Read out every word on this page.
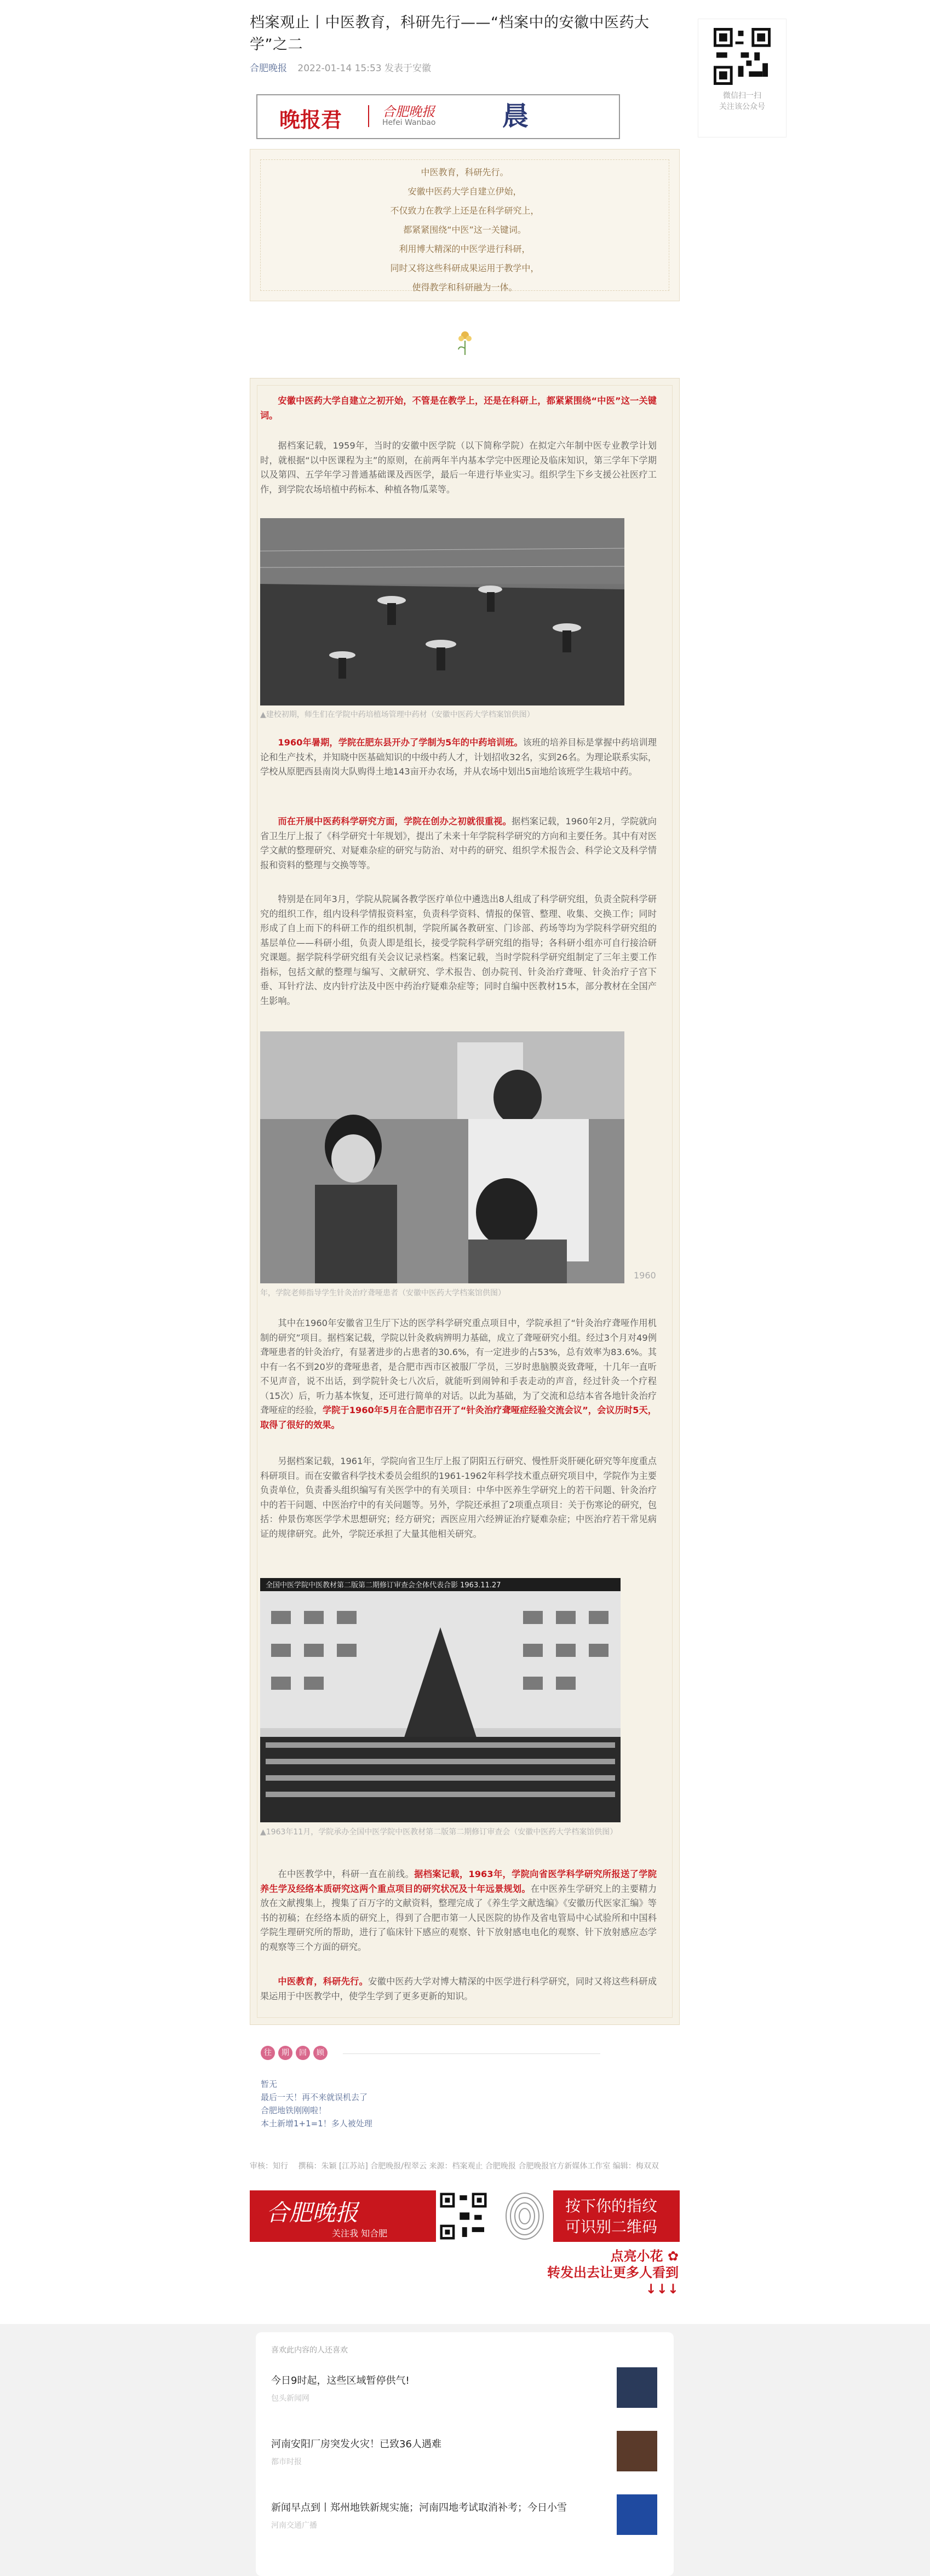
档案观止丨中医教育，科研先行——“档案中的安徽中医药大学”之二
合肥晚报 2022-01-14 15:53 发表于安徽
微信扫一扫
关注该公众号
晚报君	合肥晚报
Hefei Wanbao	晨

中医教育，科研先行。

安徽中医药大学自建立伊始，

不仅致力在教学上还是在科学研究上，

都紧紧围绕“中医”这一关键词。

利用博大精深的中医学进行科研，

同时又将这些科研成果运用于教学中，

使得教学和科研融为一体。

安徽中医药大学自建立之初开始，不管是在教学上，还是在科研上，都紧紧围绕“中医”这一关键词。
据档案记载，1959年，当时的安徽中医学院（以下简称学院）在拟定六年制中医专业教学计划时，就根据“以中医课程为主”的原则，在前两年半内基本学完中医理论及临床知识，第三学年下学期以及第四、五学年学习普通基础课及西医学，最后一年进行毕业实习。组织学生下乡支援公社医疗工作，到学院农场培植中药标本、种植各物瓜菜等。
▲建校初期，师生们在学院中药培植场管理中药材（安徽中医药大学档案馆供图）
1960年暑期，学院在肥东县开办了学制为5年的中药培训班。该班的培养目标是掌握中药培训理论和生产技术，并知晓中医基础知识的中级中药人才，计划招收32名，实到26名。为理论联系实际，学校从原肥西县南岗大队购得土地143亩开办农场，并从农场中划出5亩地给该班学生栽培中药。
而在开展中医药科学研究方面，学院在创办之初就很重视。据档案记载，1960年2月，学院就向省卫生厅上报了《科学研究十年规划》，提出了未来十年学院科学研究的方向和主要任务。其中有对医学文献的整理研究、对疑难杂症的研究与防治、对中药的研究、组织学术报告会、科学论文及科学情报和资料的整理与交换等等。
特别是在同年3月，学院从院属各教学医疗单位中遴选出8人组成了科学研究组，负责全院科学研究的组织工作，组内设科学情报资料室，负责科学资料、情报的保管、整理、收集、交换工作；同时形成了自上而下的科研工作的组织机制，学院所属各教研室、门诊部、药场等均为学院科学研究组的基层单位——科研小组，负责人即是组长，接受学院科学研究组的指导；各科研小组亦可自行接洽研究课题。据学院科学研究组有关会议记录档案。档案记载，当时学院科学研究组制定了三年主要工作指标，包括文献的整理与编写、文献研究、学术报告、创办院刊、针灸治疗聋哑、针灸治疗子宫下垂、耳针疗法、皮内针疗法及中医中药治疗疑难杂症等；同时自编中医教材15本，部分教材在全国产生影响。
年，学院老师指导学生针灸治疗聋哑患者（安徽中医药大学档案馆供图）
1960
其中在1960年安徽省卫生厅下达的医学科学研究重点项目中，学院承担了“针灸治疗聋哑作用机制的研究”项目。据档案记载，学院以针灸救病辨明力基础，成立了聋哑研究小组。经过3个月对49例聋哑患者的针灸治疗，有显著进步的占患者的30.6%，有一定进步的占53%，总有效率为83.6%。其中有一名不到20岁的聋哑患者，是合肥市西市区被服厂学员，三岁时患脑膜炎致聋哑，十几年一直听不见声音，说不出话，到学院针灸七八次后，就能听到闹钟和手表走动的声音，经过针灸一个疗程（15次）后，听力基本恢复，还可进行简单的对话。以此为基础，为了交流和总结本省各地针灸治疗聋哑症的经验，学院于1960年5月在合肥市召开了“针灸治疗聋哑症经验交流会议”，会议历时5天，取得了很好的效果。
另据档案记载，1961年，学院向省卫生厅上报了阴阳五行研究、慢性肝炎肝硬化研究等年度重点科研项目。而在安徽省科学技术委员会组织的1961-1962年科学技术重点研究项目中，学院作为主要负责单位，负责番头组织编写有关医学中的有关项目：中华中医养生学研究上的若干问题、针灸治疗中的若干问题、中医治疗中的有关问题等。另外，学院还承担了2项重点项目：关于伤寒论的研究，包括：仲景伤寒医学学术思想研究；经方研究；西医应用六经辨证治疗疑难杂症；中医治疗若干常见病证的规律研究。此外，学院还承担了大量其他相关研究。
全国中医学院中医教材第二版第二期修订审查会全体代表合影 1963.11.27
▲1963年11月，学院承办全国中医学院中医教材第二版第二期修订审查会（安徽中医药大学档案馆供图）
在中医教学中，科研一直在前线。据档案记载，1963年，学院向省医学科学研究所报送了学院养生学及经络本质研究这两个重点项目的研究状况及十年远景规划。在中医养生学研究上的主要精力放在文献搜集上，搜集了百万字的文献资料，整理完成了《养生学文献选编》《安徽历代医家汇编》等书的初稿；在经络本质的研究上，得到了合肥市第一人民医院的协作及省电管局中心试验所和中国科学院生理研究所的帮助，进行了临床针下感应的观察、针下放射感电电化的观察、针下放射感应态学的观察等三个方面的研究。
中医教育，科研先行。安徽中医药大学对博大精深的中医学进行科学研究，同时又将这些科研成果运用于中医教学中，使学生学到了更多更新的知识。
往	期	回	顾
暂无
最后一天！再不来就误机去了
合肥地铁刚刚啦！
本土新增1+1=1！多人被处理
审核：知行 　撰稿：朱颖 [江苏站] 合肥晚报/程翠云 来源：档案观止 合肥晚报 合肥晚报官方新媒体工作室 编辑：梅双双
合肥晚报
关注我 知合肥
按下你的指纹
可识别二维码
点亮小花 ✿
转发出去让更多人看到
↓↓↓
喜欢此内容的人还喜欢
今日9时起，这些区域暂停供气!
包头新闻网
河南安阳厂房突发火灾！已致36人遇难
都市时报
新闻早点到丨郑州地铁新规实施；河南四地考试取消补考；今日小雪
河南交通广播
